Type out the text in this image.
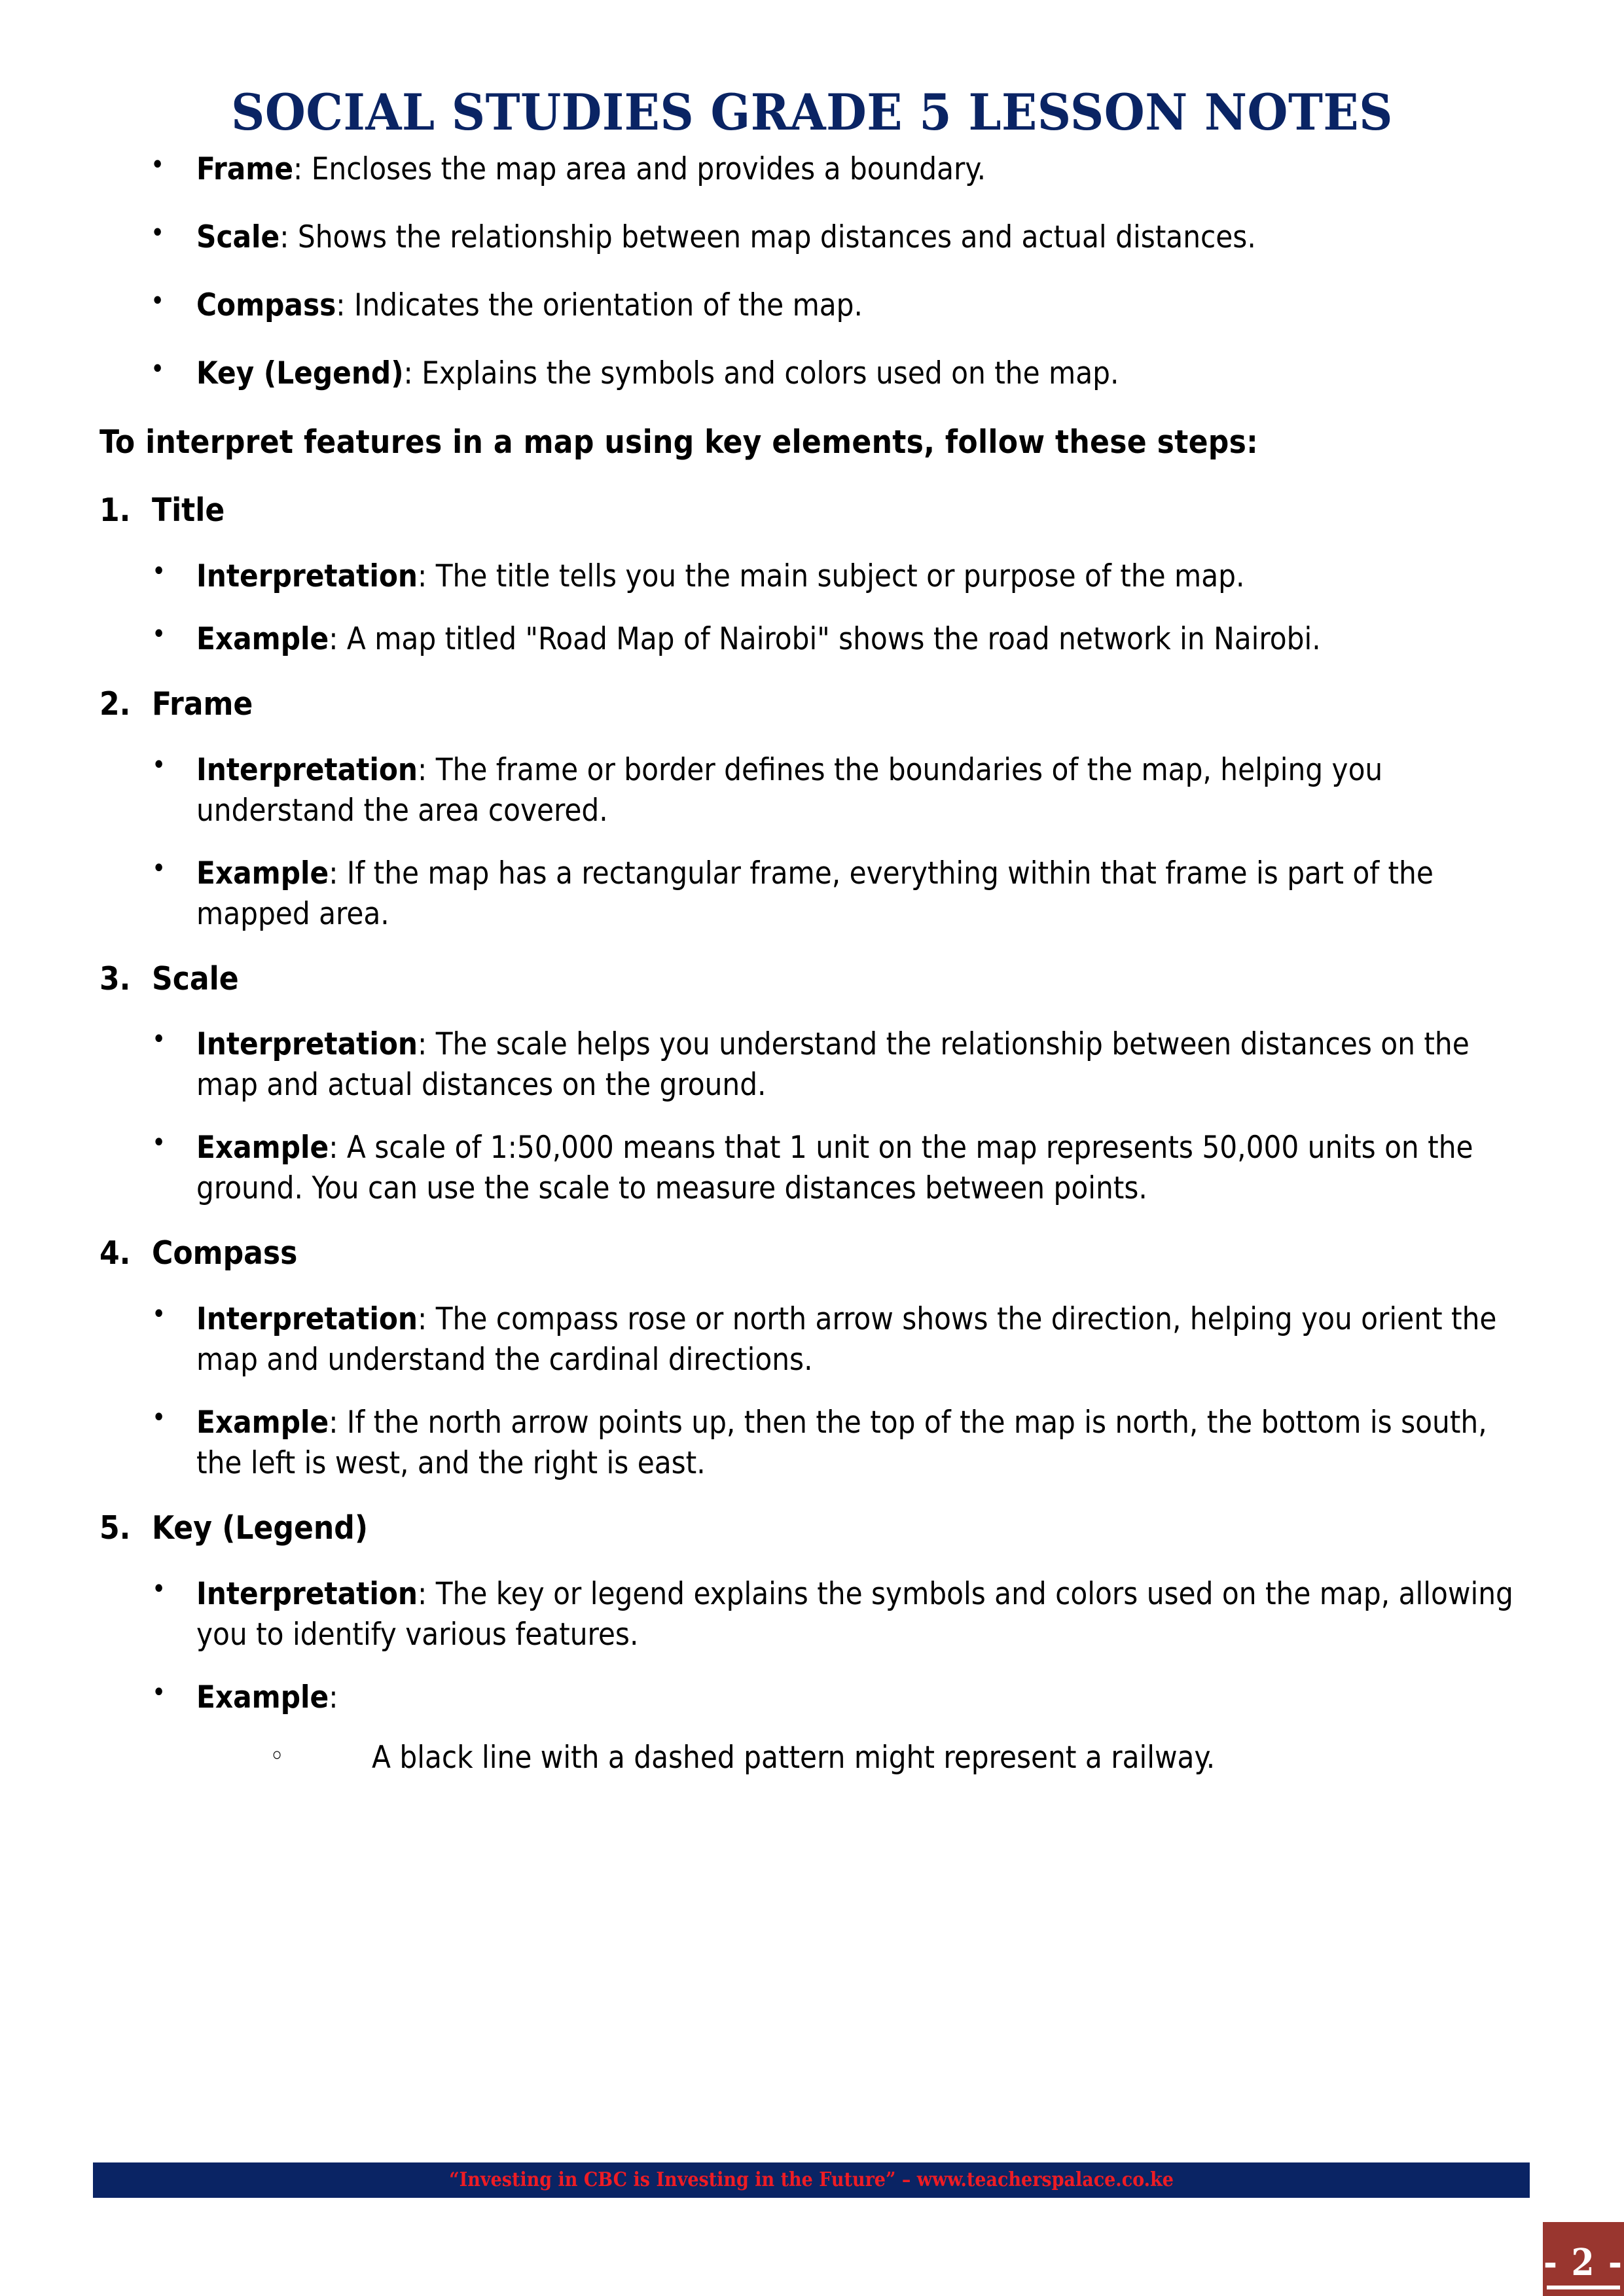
SOCIAL STUDIES GRADE 5 LESSON NOTES
• Frame: Encloses the map area and provides a boundary.
• Scale: Shows the relationship between map distances and actual distances.
• Compass: Indicates the orientation of the map.
• Key (Legend): Explains the symbols and colors used on the map.
To interpret features in a map using key elements, follow these steps:
1. Title
• Interpretation: The title tells you the main subject or purpose of the map.
• Example: A map titled "Road Map of Nairobi" shows the road network in Nairobi.
2. Frame
• Interpretation: The frame or border defines the boundaries of the map, helping you understand the area covered.
• Example: If the map has a rectangular frame, everything within that frame is part of the mapped area.
3. Scale
• Interpretation: The scale helps you understand the relationship between distances on the map and actual distances on the ground.
• Example: A scale of 1:50,000 means that 1 unit on the map represents 50,000 units on the ground. You can use the scale to measure distances between points.
4. Compass
• Interpretation: The compass rose or north arrow shows the direction, helping you orient the map and understand the cardinal directions.
• Example: If the north arrow points up, then the top of the map is north, the bottom is south, the left is west, and the right is east.
5. Key (Legend)
• Interpretation: The key or legend explains the symbols and colors used on the map, allowing you to identify various features.
• Example:
◦ A black line with a dashed pattern might represent a railway.
“Investing in CBC is Investing in the Future” – www.teacherspalace.co.ke
- 2 -
